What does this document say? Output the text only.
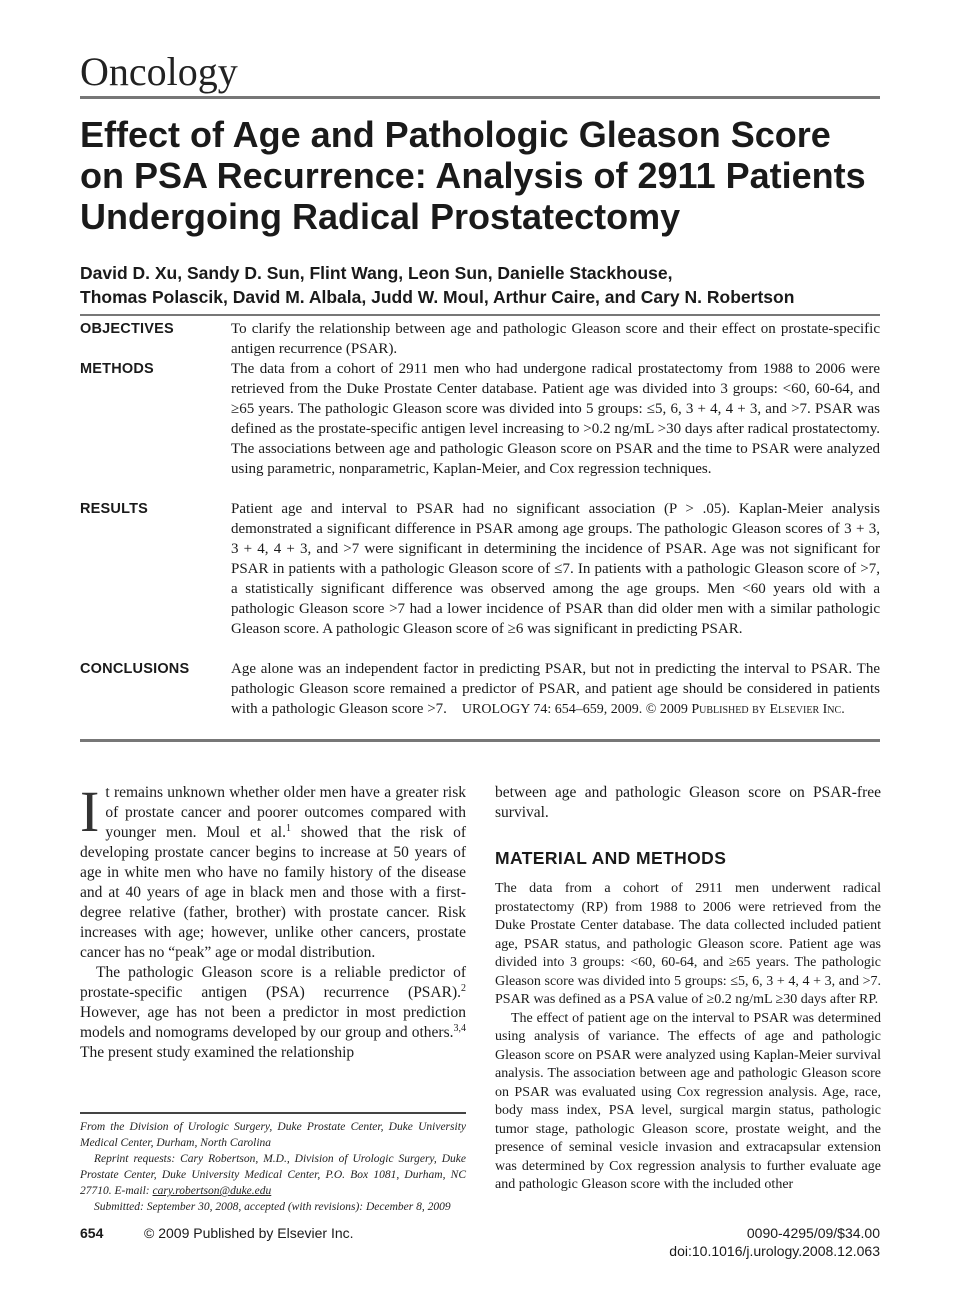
Oncology
Effect of Age and Pathologic Gleason Score on PSA Recurrence: Analysis of 2911 Patients Undergoing Radical Prostatectomy
David D. Xu, Sandy D. Sun, Flint Wang, Leon Sun, Danielle Stackhouse,
Thomas Polascik, David M. Albala, Judd W. Moul, Arthur Caire, and Cary N. Robertson
OBJECTIVES	To clarify the relationship between age and pathologic Gleason score and their effect on prostate-specific antigen recurrence (PSAR).
METHODS	The data from a cohort of 2911 men who had undergone radical prostatectomy from 1988 to 2006 were retrieved from the Duke Prostate Center database. Patient age was divided into 3 groups: <60, 60-64, and ≥65 years. The pathologic Gleason score was divided into 5 groups: ≤5, 6, 3 + 4, 4 + 3, and >7. PSAR was defined as the prostate-specific antigen level increasing to >0.2 ng/mL >30 days after radical prostatectomy. The associations between age and pathologic Gleason score on PSAR and the time to PSAR were analyzed using parametric, nonparametric, Kaplan-Meier, and Cox regression techniques.
RESULTS	Patient age and interval to PSAR had no significant association (P > .05). Kaplan-Meier analysis demonstrated a significant difference in PSAR among age groups. The pathologic Gleason scores of 3 + 3, 3 + 4, 4 + 3, and >7 were significant in determining the incidence of PSAR. Age was not significant for PSAR in patients with a pathologic Gleason score of ≤7. In patients with a pathologic Gleason score of >7, a statistically significant difference was observed among the age groups. Men <60 years old with a pathologic Gleason score >7 had a lower incidence of PSAR than did older men with a similar pathologic Gleason score. A pathologic Gleason score of ≥6 was significant in predicting PSAR.
CONCLUSIONS	Age alone was an independent factor in predicting PSAR, but not in predicting the interval to PSAR. The pathologic Gleason score remained a predictor of PSAR, and patient age should be considered in patients with a pathologic Gleason score >7. UROLOGY 74: 654–659, 2009. © 2009 Published by Elsevier Inc.

It remains unknown whether older men have a greater risk of prostate cancer and poorer outcomes compared with younger men. Moul et al.$^1$ showed that the risk of developing prostate cancer begins to increase at 50 years of age in white men who have no family history of the disease and at 40 years of age in black men and those with a first-degree relative (father, brother) with prostate cancer. Risk increases with age; however, unlike other cancers, prostate cancer has no “peak” age or modal distribution.

The pathologic Gleason score is a reliable predictor of prostate-specific antigen (PSA) recurrence (PSAR).$^2$ However, age has not been a predictor in most prediction models and nomograms developed by our group and others.$^{3,4}$ The present study examined the relationship

between age and pathologic Gleason score on PSAR-free survival.

MATERIAL AND METHODS

The data from a cohort of 2911 men underwent radical prostatectomy (RP) from 1988 to 2006 were retrieved from the Duke Prostate Center database. The data collected included patient age, PSAR status, and pathologic Gleason score. Patient age was divided into 3 groups: <60, 60-64, and ≥65 years. The pathologic Gleason score was divided into 5 groups: ≤5, 6, 3 + 4, 4 + 3, and >7. PSAR was defined as a PSA value of ≥0.2 ng/mL ≥30 days after RP.

The effect of patient age on the interval to PSAR was determined using analysis of variance. The effects of age and pathologic Gleason score on PSAR were analyzed using Kaplan-Meier survival analysis. The association between age and pathologic Gleason score on PSAR was evaluated using Cox regression analysis. Age, race, body mass index, PSA level, surgical margin status, pathologic tumor stage, pathologic Gleason score, prostate weight, and the presence of seminal vesicle invasion and extracapsular extension was determined by Cox regression analysis to further evaluate age and pathologic Gleason score with the included other

From the Division of Urologic Surgery, Duke Prostate Center, Duke University Medical Center, Durham, North Carolina

Reprint requests: Cary Robertson, M.D., Division of Urologic Surgery, Duke Prostate Center, Duke University Medical Center, P.O. Box 1081, Durham, NC 27710. E-mail: cary.robertson@duke.edu

Submitted: September 30, 2008, accepted (with revisions): December 8, 2009

654	© 2009 Published by Elsevier Inc.	0090-4295/09/$34.00
doi:10.1016/j.urology.2008.12.063
